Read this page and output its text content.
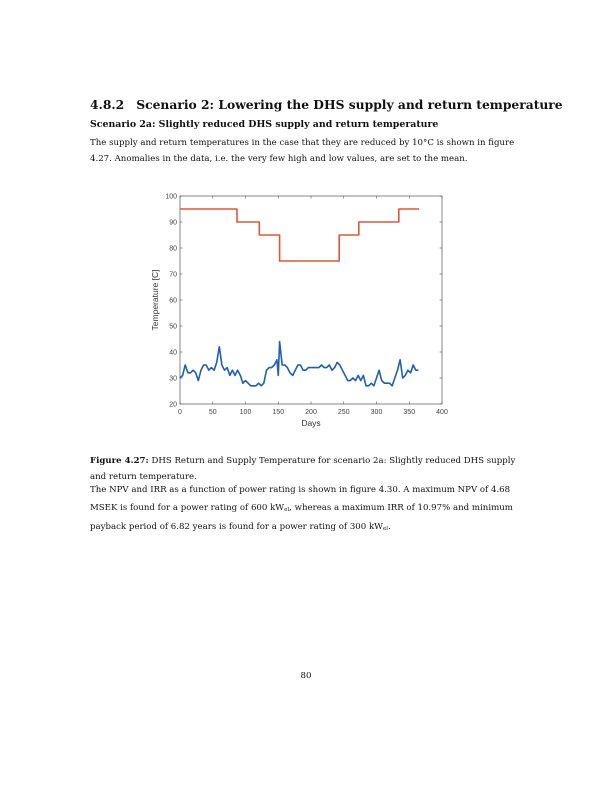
4.8.2 Scenario 2: Lowering the DHS supply and return temperature
Scenario 2a: Slightly reduced DHS supply and return temperature

The supply and return temperatures in the case that they are reduced by 10°C is shown in figure 4.27. Anomalies in the data, i.e. the very few high and low values, are set to the mean.

0	50	100	150	200	250	300	350	400
20
30
40
50
60
70
80
90
100
Days
Temperature [C]

Figure 4.27: DHS Return and Supply Temperature for scenario 2a: Slightly reduced DHS supply and return temperature.

The NPV and IRR as a function of power rating is shown in figure 4.30. A maximum NPV of 4.68 MSEK is found for a power rating of 600 $kW_{el}$, whereas a maximum IRR of 10.97% and minimum payback period of 6.82 years is found for a power rating of 300 $kW_{el}$.

80
